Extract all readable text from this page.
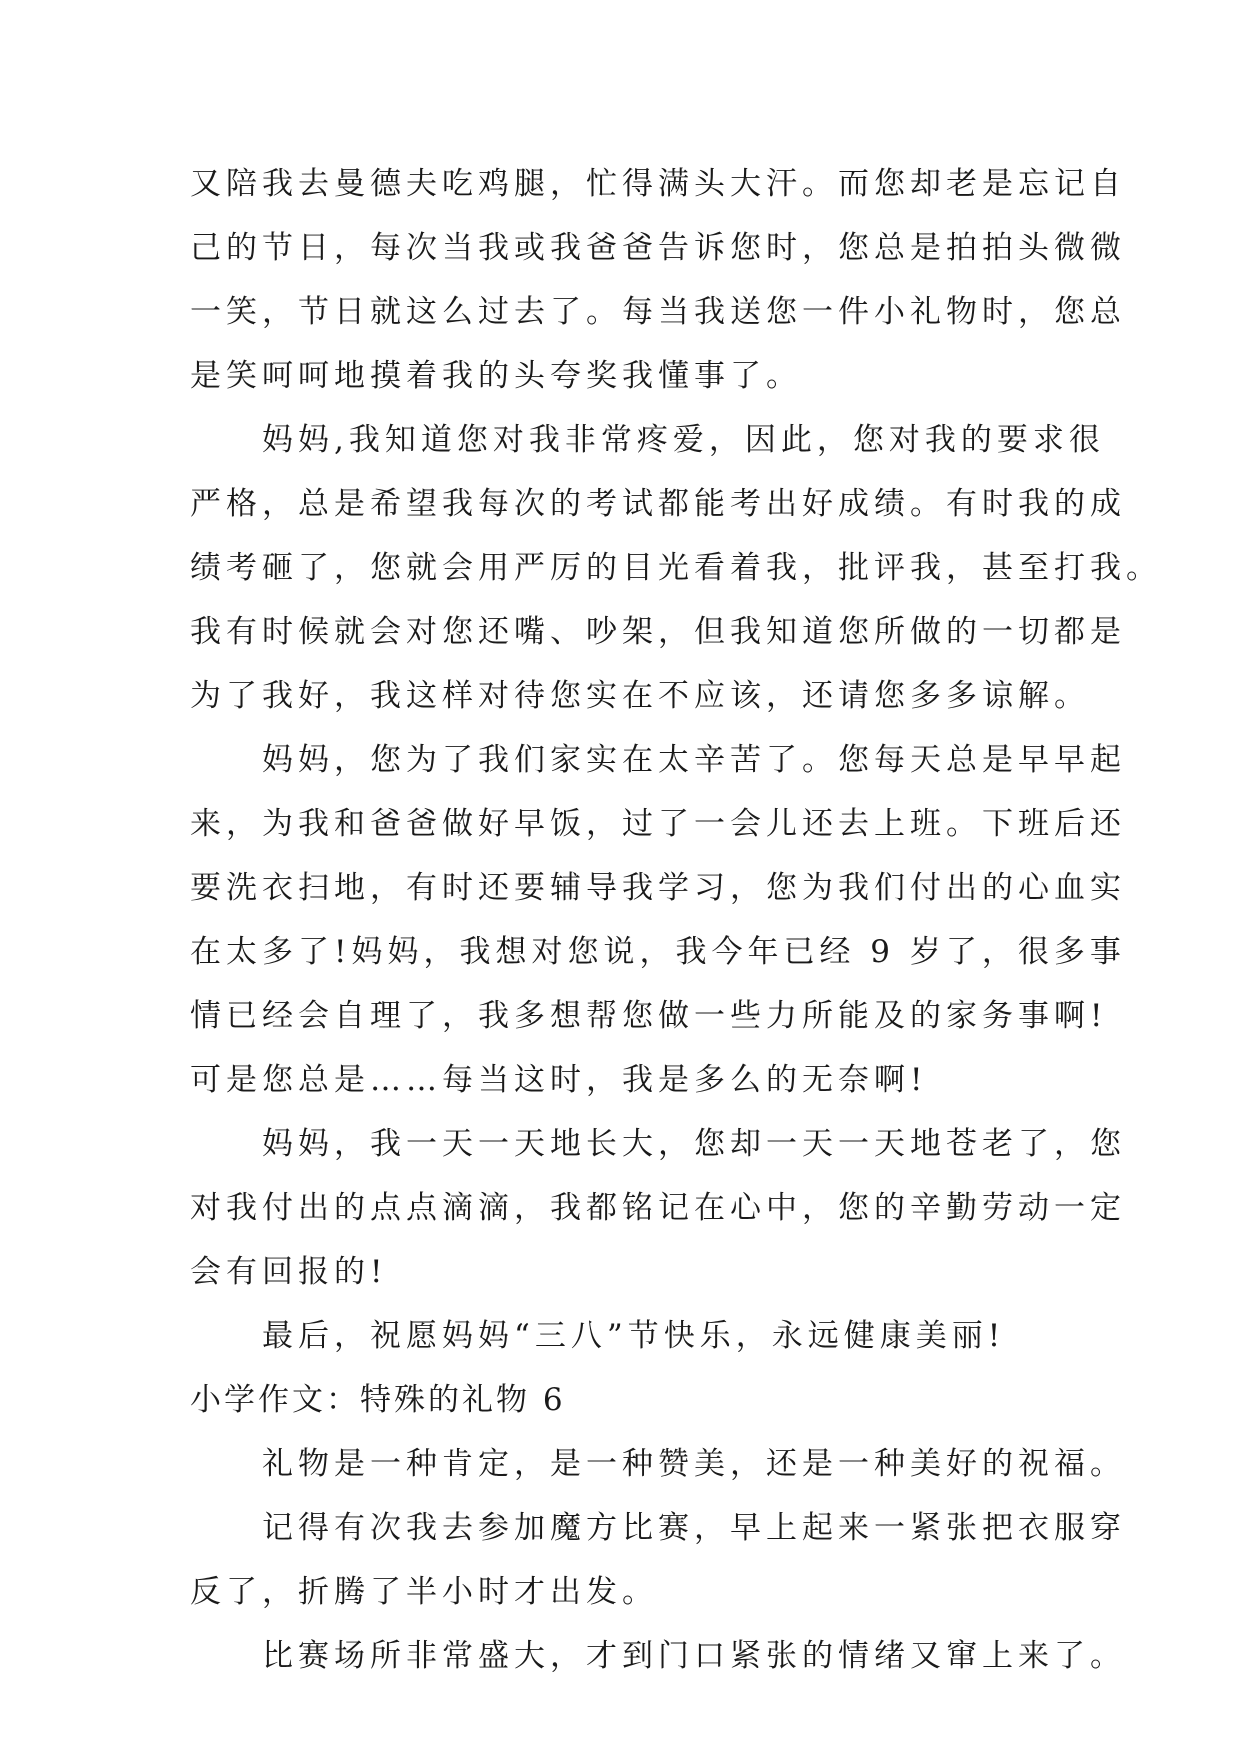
又陪我去曼德夫吃鸡腿，忙得满头大汗。而您却老是忘记自
己的节日，每次当我或我爸爸告诉您时，您总是拍拍头微微
一笑，节日就这么过去了。每当我送您一件小礼物时，您总
是笑呵呵地摸着我的头夸奖我懂事了。
妈妈,我知道您对我非常疼爱，因此，您对我的要求很
严格，总是希望我每次的考试都能考出好成绩。有时我的成
绩考砸了，您就会用严厉的目光看着我，批评我，甚至打我。
我有时候就会对您还嘴、吵架，但我知道您所做的一切都是
为了我好，我这样对待您实在不应该，还请您多多谅解。
妈妈，您为了我们家实在太辛苦了。您每天总是早早起
来，为我和爸爸做好早饭，过了一会儿还去上班。下班后还
要洗衣扫地，有时还要辅导我学习，您为我们付出的心血实
在太多了!妈妈，我想对您说，我今年已经 9 岁了，很多事
情已经会自理了，我多想帮您做一些力所能及的家务事啊!
可是您总是……每当这时，我是多么的无奈啊!
妈妈，我一天一天地长大，您却一天一天地苍老了，您
对我付出的点点滴滴，我都铭记在心中，您的辛勤劳动一定
会有回报的!
最后，祝愿妈妈“三八”节快乐，永远健康美丽!
小学作文：特殊的礼物 6
礼物是一种肯定，是一种赞美，还是一种美好的祝福。
记得有次我去参加魔方比赛，早上起来一紧张把衣服穿
反了，折腾了半小时才出发。
比赛场所非常盛大，才到门口紧张的情绪又窜上来了。
